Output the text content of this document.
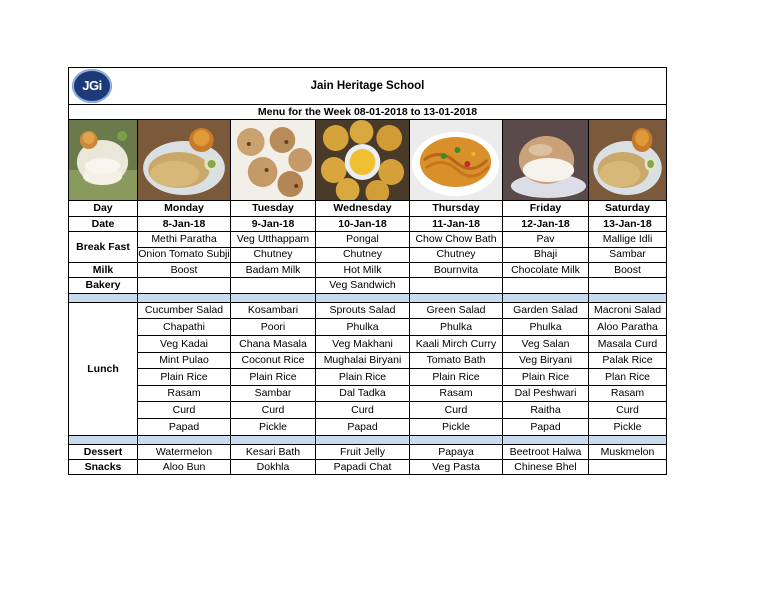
JGi Jain Heritage School						
Menu for the Week 08-01-2018 to 13-01-2018						

Day	Monday	Tuesday	Wednesday	Thursday	Friday	Saturday
Date	8-Jan-18	9-Jan-18	10-Jan-18	11-Jan-18	12-Jan-18	13-Jan-18
Break Fast	Methi Paratha	Veg Utthappam	Pongal	Chow Chow Bath	Pav	Mallige Idli
	Onion Tomato Subji	Chutney	Chutney	Chutney	Bhaji	Sambar
Milk	Boost	Badam Milk	Hot Milk	Bournvita	Chocolate Milk	Boost
Bakery			Veg Sandwich			

Lunch	Cucumber Salad	Kosambari	Sprouts Salad	Green Salad	Garden Salad	Macroni Salad
	Chapathi	Poori	Phulka	Phulka	Phulka	Aloo Paratha
	Veg Kadai	Chana Masala	Veg Makhani	Kaali Mirch Curry	Veg Salan	Masala Curd
	Mint Pulao	Coconut Rice	Mughalai Biryani	Tomato Bath	Veg Biryani	Palak Rice
	Plain Rice	Plain Rice	Plain Rice	Plain Rice	Plain Rice	Plan Rice
	Rasam	Sambar	Dal Tadka	Rasam	Dal Peshwari	Rasam
	Curd	Curd	Curd	Curd	Raitha	Curd
	Papad	Pickle	Papad	Pickle	Papad	Pickle

Dessert	Watermelon	Kesari Bath	Fruit Jelly	Papaya	Beetroot Halwa	Muskmelon
Snacks	Aloo Bun	Dokhla	Papadi Chat	Veg Pasta	Chinese Bhel	
